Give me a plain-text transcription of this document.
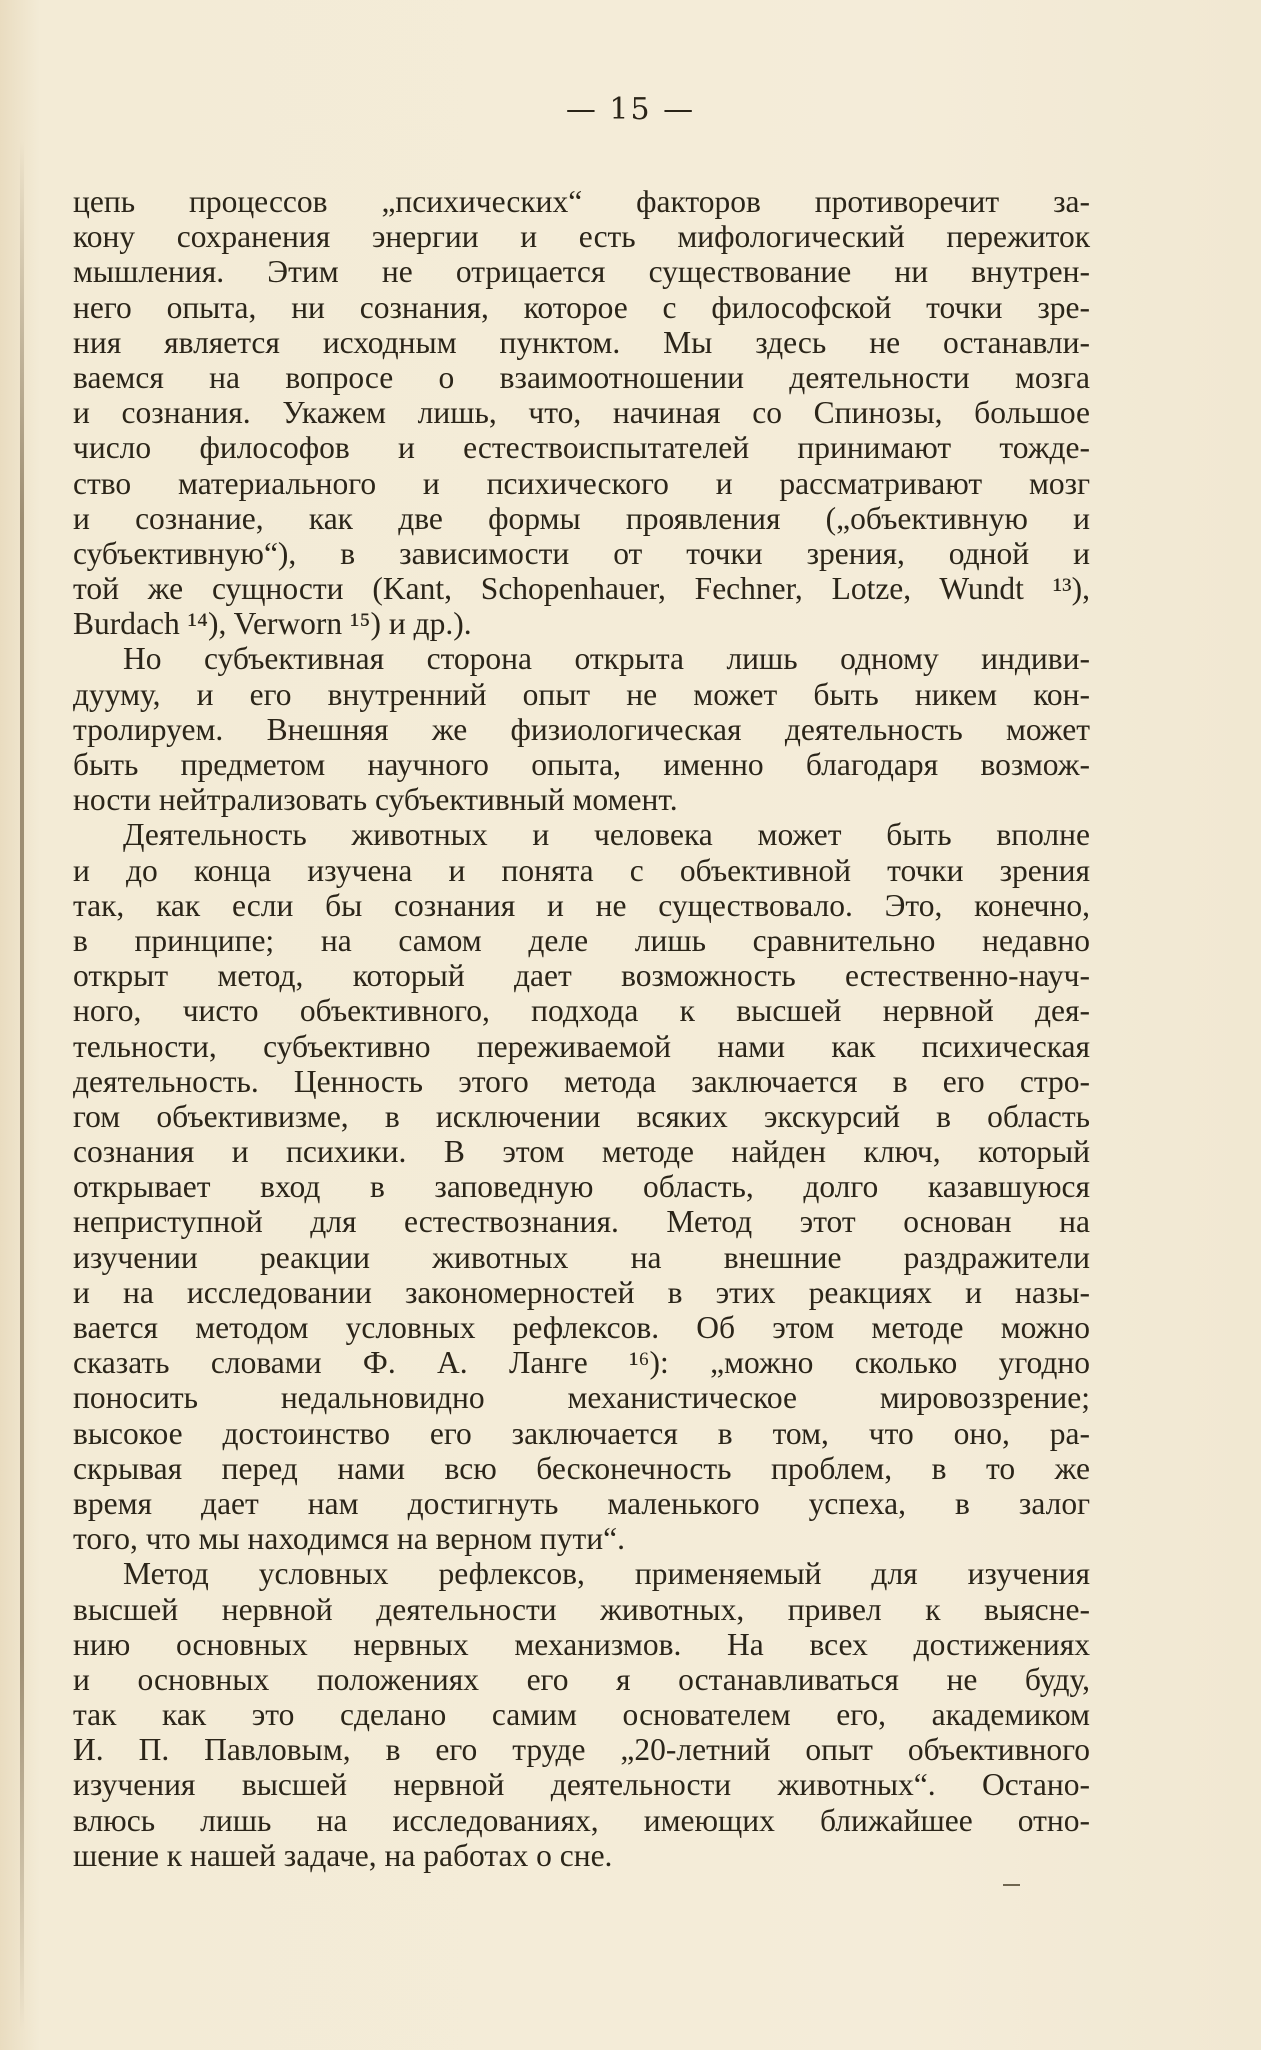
— 15 —
цепь процессов „психических“ факторов противоречит за-
кону сохранения энергии и есть мифологический пережиток
мышления. Этим не отрицается существование ни внутрен-
него опыта, ни сознания, которое с философской точки зре-
ния является исходным пунктом. Мы здесь не останавли-
ваемся на вопросе о взаимоотношении деятельности мозга
и сознания. Укажем лишь, что, начиная со Спинозы, большое
число философов и естествоиспытателей принимают тожде-
ство материального и психического и рассматривают мозг
и сознание, как две формы проявления („объективную и
субъективную“), в зависимости от точки зрения, одной и
той же сущности (Kant, Schopenhauer, Fechner, Lotze, Wundt ¹³),
Burdach ¹⁴), Verworn ¹⁵) и др.).
Но субъективная сторона открыта лишь одному индиви-
дууму, и его внутренний опыт не может быть никем кон-
тролируем. Внешняя же физиологическая деятельность может
быть предметом научного опыта, именно благодаря возмож-
ности нейтрализовать субъективный момент.
Деятельность животных и человека может быть вполне
и до конца изучена и понята с объективной точки зрения
так, как если бы сознания и не существовало. Это, конечно,
в принципе; на самом деле лишь сравнительно недавно
открыт метод, который дает возможность естественно-науч-
ного, чисто объективного, подхода к высшей нервной дея-
тельности, субъективно переживаемой нами как психическая
деятельность. Ценность этого метода заключается в его стро-
гом объективизме, в исключении всяких экскурсий в область
сознания и психики. В этом методе найден ключ, который
открывает вход в заповедную область, долго казавшуюся
неприступной для естествознания. Метод этот основан на
изучении реакции животных на внешние раздражители
и на исследовании закономерностей в этих реакциях и назы-
вается методом условных рефлексов. Об этом методе можно
сказать словами Ф. А. Ланге ¹⁶): „можно сколько угодно
поносить недальновидно механистическое мировоззрение;
высокое достоинство его заключается в том, что оно, ра-
скрывая перед нами всю бесконечность проблем, в то же
время дает нам достигнуть маленького успеха, в залог
того, что мы находимся на верном пути“.
Метод условных рефлексов, применяемый для изучения
высшей нервной деятельности животных, привел к выясне-
нию основных нервных механизмов. На всех достижениях
и основных положениях его я останавливаться не буду,
так как это сделано самим основателем его, академиком
И. П. Павловым, в его труде „20-летний опыт объективного
изучения высшей нервной деятельности животных“. Остано-
влюсь лишь на исследованиях, имеющих ближайшее отно-
шение к нашей задаче, на работах о сне.
